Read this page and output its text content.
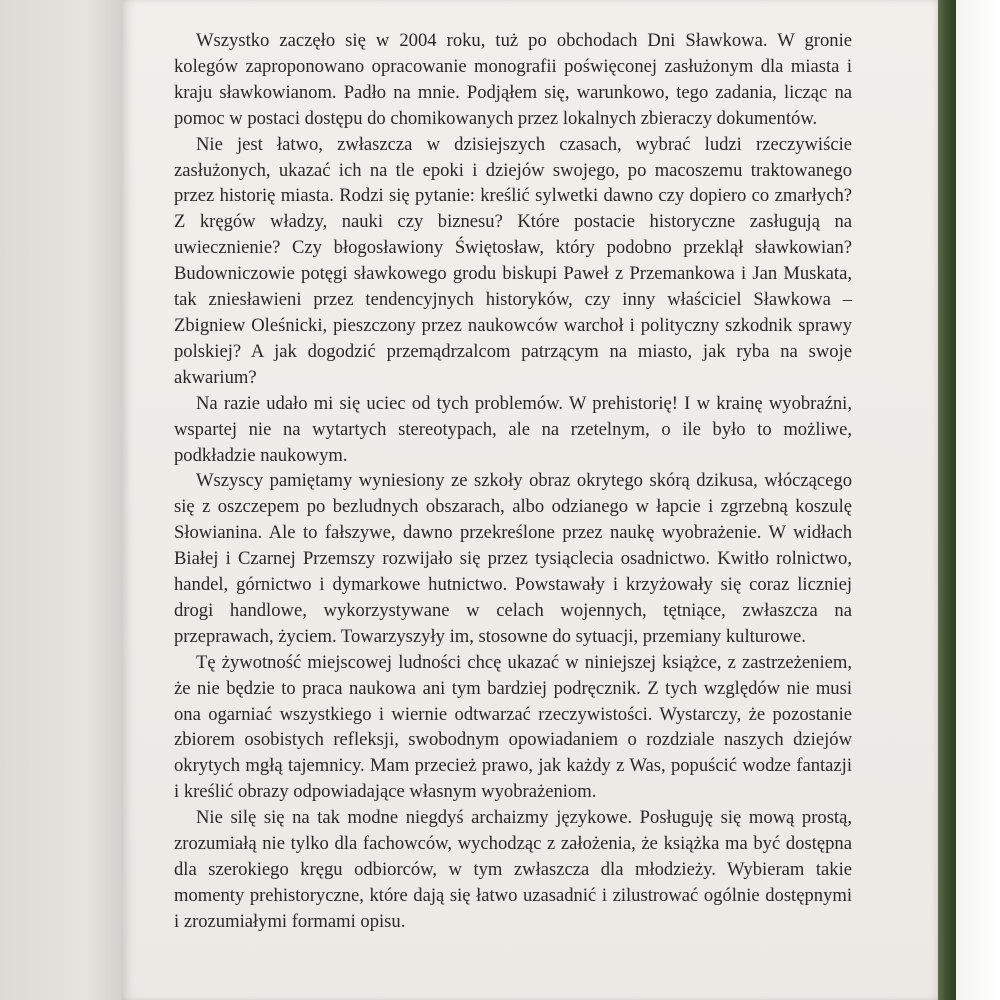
Wszystko zaczęło się w 2004 roku, tuż po obchodach Dni Sławkowa. W gronie kolegów zaproponowano opracowanie monografii poświęconej zasłużonym dla miasta i kraju sławkowianom. Padło na mnie. Podjąłem się, warunkowo, tego zadania, licząc na pomoc w postaci dostępu do chomikowanych przez lokalnych zbieraczy dokumentów.

Nie jest łatwo, zwłaszcza w dzisiejszych czasach, wybrać ludzi rzeczywiście zasłużonych, ukazać ich na tle epoki i dziejów swojego, po macoszemu traktowanego przez historię miasta. Rodzi się pytanie: kreślić sylwetki dawno czy dopiero co zmarłych? Z kręgów władzy, nauki czy biznesu? Które postacie historyczne zasługują na uwiecznienie? Czy błogosławiony Świętosław, który podobno przeklął sławkowian? Budowniczowie potęgi sławkowego grodu biskupi Paweł z Przemankowa i Jan Muskata, tak zniesławieni przez tendencyjnych historyków, czy inny właściciel Sławkowa – Zbigniew Oleśnicki, pieszczony przez naukowców warchoł i polityczny szkodnik sprawy polskiej? A jak dogodzić przemądrzalcom patrzącym na miasto, jak ryba na swoje akwarium?

Na razie udało mi się uciec od tych problemów. W prehistorię! I w krainę wyobraźni, wspartej nie na wytartych stereotypach, ale na rzetelnym, o ile było to możliwe, podkładzie naukowym.

Wszyscy pamiętamy wyniesiony ze szkoły obraz okrytego skórą dzikusa, włóczącego się z oszczepem po bezludnych obszarach, albo odzianego w łapcie i zgrzebną koszulę Słowianina. Ale to fałszywe, dawno przekreślone przez naukę wyobrażenie. W widłach Białej i Czarnej Przemszy rozwijało się przez tysiąclecia osadnictwo. Kwitło rolnictwo, handel, górnictwo i dymarkowe hutnictwo. Powstawały i krzyżowały się coraz liczniej drogi handlowe, wykorzystywane w celach wojennych, tętniące, zwłaszcza na przeprawach, życiem. Towarzyszyły im, stosowne do sytuacji, przemiany kulturowe.

Tę żywotność miejscowej ludności chcę ukazać w niniejszej książce, z zastrzeżeniem, że nie będzie to praca naukowa ani tym bardziej podręcznik. Z tych względów nie musi ona ogarniać wszystkiego i wiernie odtwarzać rzeczywistości. Wystarczy, że pozostanie zbiorem osobistych refleksji, swobodnym opowiadaniem o rozdziale naszych dziejów okrytych mgłą tajemnicy. Mam przecież prawo, jak każdy z Was, popuścić wodze fantazji i kreślić obrazy odpowiadające własnym wyobrażeniom.

Nie silę się na tak modne niegdyś archaizmy językowe. Posługuję się mową prostą, zrozumiałą nie tylko dla fachowców, wychodząc z założenia, że książka ma być dostępna dla szerokiego kręgu odbiorców, w tym zwłaszcza dla młodzieży. Wybieram takie momenty prehistoryczne, które dają się łatwo uzasadnić i zilustrować ogólnie dostępnymi i zrozumiałymi formami opisu.
